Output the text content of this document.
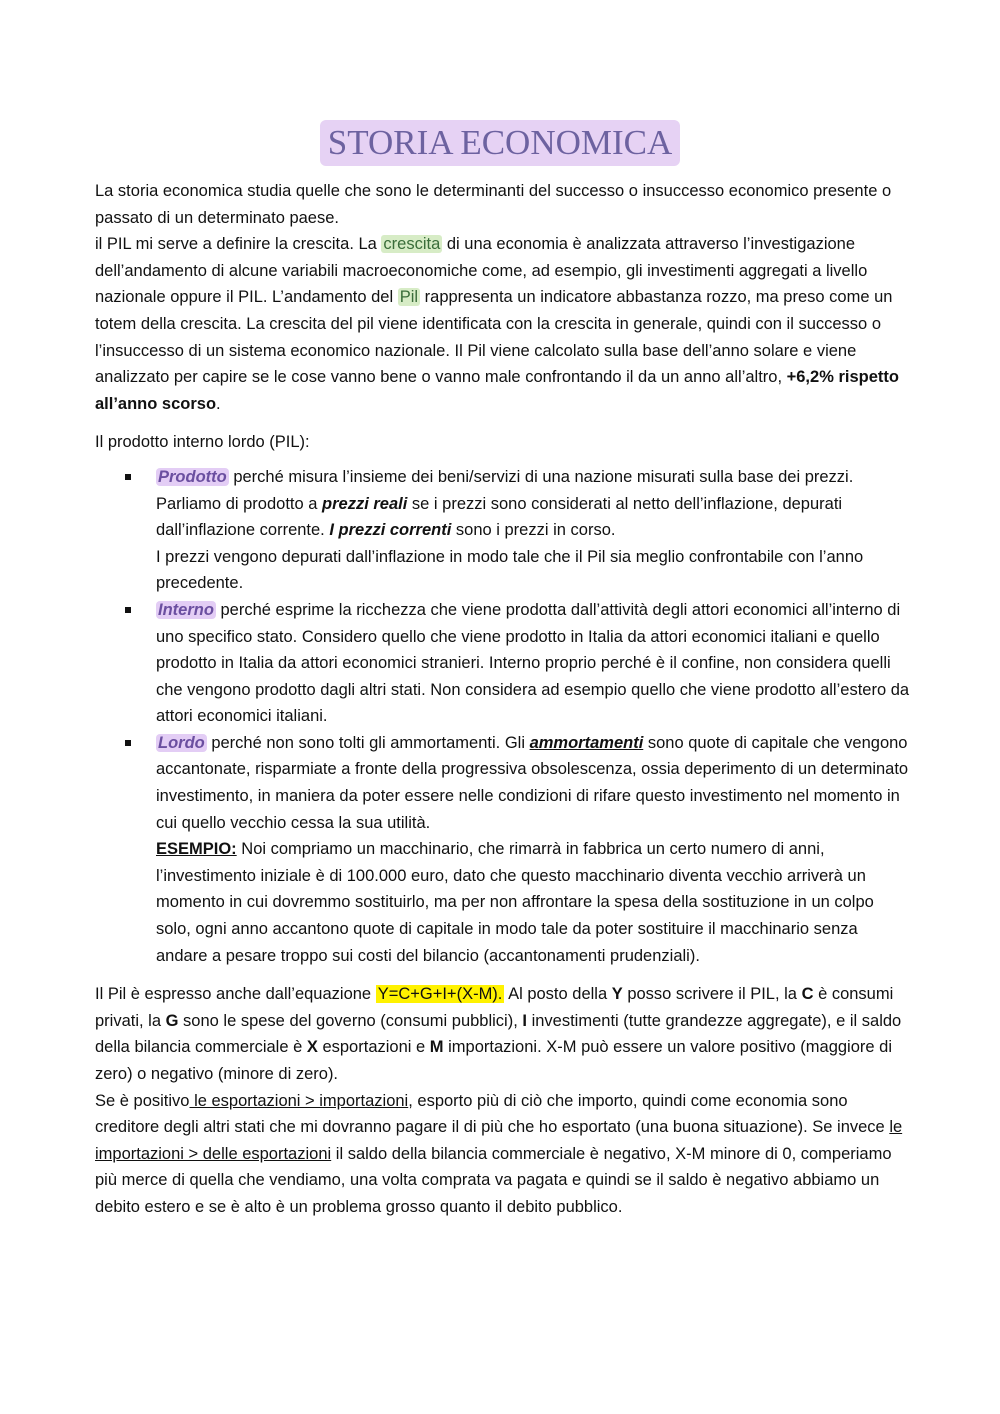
STORIA ECONOMICA

La storia economica studia quelle che sono le determinanti del successo o insuccesso economico presente o passato di un determinato paese.

il PIL mi serve a definire la crescita. La crescita di una economia è analizzata attraverso l’investigazione dell’andamento di alcune variabili macroeconomiche come, ad esempio, gli investimenti aggregati a livello nazionale oppure il PIL. L’andamento del Pil rappresenta un indicatore abbastanza rozzo, ma preso come un totem della crescita. La crescita del pil viene identificata con la crescita in generale, quindi con il successo o l’insuccesso di un sistema economico nazionale. Il Pil viene calcolato sulla base dell’anno solare e viene analizzato per capire se le cose vanno bene o vanno male confrontando il da un anno all’altro, +6,2% rispetto all’anno scorso.

Il prodotto interno lordo (PIL):

Prodotto perché misura l’insieme dei beni/servizi di una nazione misurati sulla base dei prezzi. Parliamo di prodotto a prezzi reali se i prezzi sono considerati al netto dell’inflazione, depurati dall’inflazione corrente. I prezzi correnti sono i prezzi in corso.
I prezzi vengono depurati dall’inflazione in modo tale che il Pil sia meglio confrontabile con l’anno precedente.
Interno perché esprime la ricchezza che viene prodotta dall’attività degli attori economici all’interno di uno specifico stato. Considero quello che viene prodotto in Italia da attori economici italiani e quello prodotto in Italia da attori economici stranieri. Interno proprio perché è il confine, non considera quelli che vengono prodotto dagli altri stati. Non considera ad esempio quello che viene prodotto all’estero da attori economici italiani.
Lordo perché non sono tolti gli ammortamenti. Gli ammortamenti sono quote di capitale che vengono accantonate, risparmiate a fronte della progressiva obsolescenza, ossia deperimento di un determinato investimento, in maniera da poter essere nelle condizioni di rifare questo investimento nel momento in cui quello vecchio cessa la sua utilità.
ESEMPIO: Noi compriamo un macchinario, che rimarrà in fabbrica un certo numero di anni, l’investimento iniziale è di 100.000 euro, dato che questo macchinario diventa vecchio arriverà un momento in cui dovremmo sostituirlo, ma per non affrontare la spesa della sostituzione in un colpo solo, ogni anno accantono quote di capitale in modo tale da poter sostituire il macchinario senza andare a pesare troppo sui costi del bilancio (accantonamenti prudenziali).

Il Pil è espresso anche dall’equazione Y=C+G+I+(X-M). Al posto della Y posso scrivere il PIL, la C è consumi privati, la G sono le spese del governo (consumi pubblici), I investimenti (tutte grandezze aggregate), e il saldo della bilancia commerciale è X esportazioni e M importazioni. X-M può essere un valore positivo (maggiore di zero) o negativo (minore di zero).

Se è positivo le esportazioni > importazioni, esporto più di ciò che importo, quindi come economia sono creditore degli altri stati che mi dovranno pagare il di più che ho esportato (una buona situazione). Se invece le importazioni > delle esportazioni il saldo della bilancia commerciale è negativo, X-M minore di 0, comperiamo più merce di quella che vendiamo, una volta comprata va pagata e quindi se il saldo è negativo abbiamo un debito estero e se è alto è un problema grosso quanto il debito pubblico.
